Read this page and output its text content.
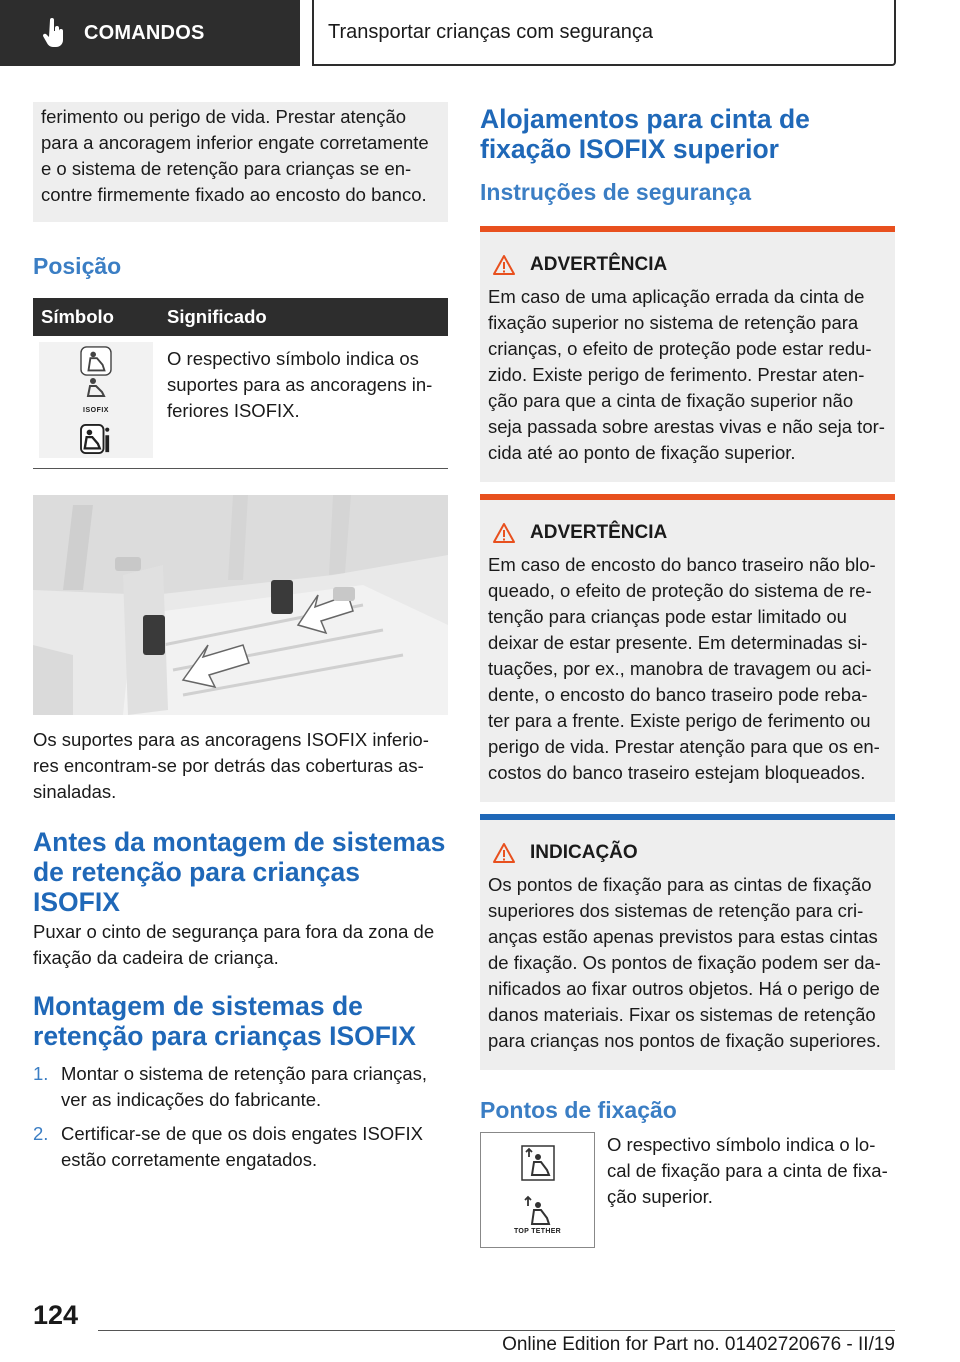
COMANDOS	Transportar crianças com segurança

ferimento ou perigo de vida. Prestar atenção

para a ancoragem inferior engate corretamente

e o sistema de retenção para crianças se en-

contre firmemente fixado ao encosto do banco.

Posição
Símbolo	Significado

ISOFIX	O respectivo símbolo indica os
suportes para as ancoragens in-
feriores ISOFIX.

Os suportes para as ancoragens ISOFIX inferio-
res encontram-se por detrás das coberturas as-
sinaladas.

Antes da montagem de sistemas
de retenção para crianças
ISOFIX

Puxar o cinto de segurança para fora da zona de
fixação da cadeira de criança.

Montagem de sistemas de
retenção para crianças ISOFIX
1. Montar o sistema de retenção para crianças,
ver as indicações do fabricante.
2. Certificar-se de que os dois engates ISOFIX
estão corretamente engatados.
Alojamentos para cinta de
fixação ISOFIX superior
Instruções de segurança
ADVERTÊNCIA
Em caso de uma aplicação errada da cinta de
fixação superior no sistema de retenção para
crianças, o efeito de proteção pode estar redu-
zido. Existe perigo de ferimento. Prestar aten-
ção para que a cinta de fixação superior não
seja passada sobre arestas vivas e não seja tor-
cida até ao ponto de fixação superior.
ADVERTÊNCIA
Em caso de encosto do banco traseiro não blo-
queado, o efeito de proteção do sistema de re-
tenção para crianças pode estar limitado ou
deixar de estar presente. Em determinadas si-
tuações, por ex., manobra de travagem ou aci-
dente, o encosto do banco traseiro pode reba-
ter para a frente. Existe perigo de ferimento ou
perigo de vida. Prestar atenção para que os en-
costos do banco traseiro estejam bloqueados.
INDICAÇÃO
Os pontos de fixação para as cintas de fixação
superiores dos sistemas de retenção para cri-
anças estão apenas previstos para estas cintas
de fixação. Os pontos de fixação podem ser da-
nificados ao fixar outros objetos. Há o perigo de
danos materiais. Fixar os sistemas de retenção
para crianças nos pontos de fixação superiores.
Pontos de fixação
TOP TETHER
O respectivo símbolo indica o lo-
cal de fixação para a cinta de fixa-
ção superior.
124
Online Edition for Part no. 01402720676 - II/19
